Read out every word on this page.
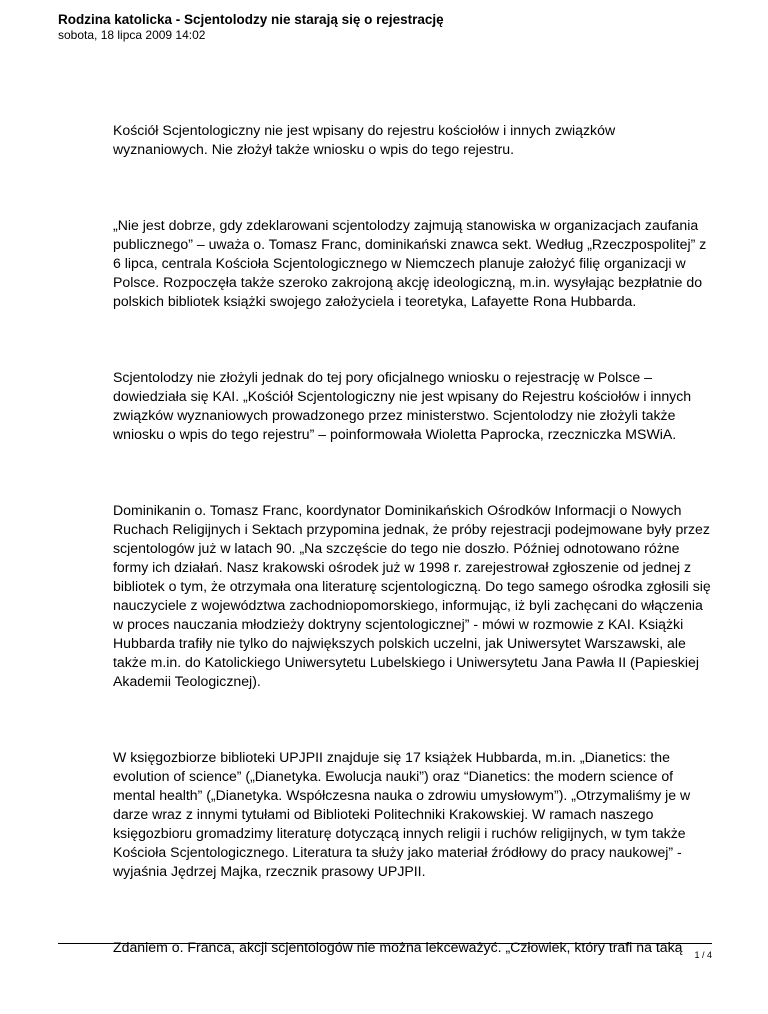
Rodzina katolicka - Scjentolodzy nie starają się o rejestrację
sobota, 18 lipca 2009 14:02

Kościół Scjentologiczny nie jest wpisany do rejestru kościołów i innych związków
wyznaniowych. Nie złożył także wniosku o wpis do tego rejestru.

„Nie jest dobrze, gdy zdeklarowani scjentolodzy zajmują stanowiska w organizacjach zaufania
publicznego” – uważa o. Tomasz Franc, dominikański znawca sekt. Według „Rzeczpospolitej” z
6 lipca, centrala Kościoła Scjentologicznego w Niemczech planuje założyć filię organizacji w
Polsce. Rozpoczęła także szeroko zakrojoną akcję ideologiczną, m.in. wysyłając bezpłatnie do
polskich bibliotek książki swojego założyciela i teoretyka, Lafayette Rona Hubbarda.

Scjentolodzy nie złożyli jednak do tej pory oficjalnego wniosku o rejestrację w Polsce –
dowiedziała się KAI. „Kościół Scjentologiczny nie jest wpisany do Rejestru kościołów i innych
związków wyznaniowych prowadzonego przez ministerstwo. Scjentolodzy nie złożyli także
wniosku o wpis do tego rejestru” – poinformowała Wioletta Paprocka, rzeczniczka MSWiA.

Dominikanin o. Tomasz Franc, koordynator Dominikańskich Ośrodków Informacji o Nowych
Ruchach Religijnych i Sektach przypomina jednak, że próby rejestracji podejmowane były przez
scjentologów już w latach 90. „Na szczęście do tego nie doszło. Później odnotowano różne
formy ich działań. Nasz krakowski ośrodek już w 1998 r. zarejestrował zgłoszenie od jednej z
bibliotek o tym, że otrzymała ona literaturę scjentologiczną. Do tego samego ośrodka zgłosili się
nauczyciele z województwa zachodniopomorskiego, informując, iż byli zachęcani do włączenia
w proces nauczania młodzieży doktryny scjentologicznej” - mówi w rozmowie z KAI. Książki
Hubbarda trafiły nie tylko do największych polskich uczelni, jak Uniwersytet Warszawski, ale
także m.in. do Katolickiego Uniwersytetu Lubelskiego i Uniwersytetu Jana Pawła II (Papieskiej
Akademii Teologicznej).

W księgozbiorze biblioteki UPJPII znajduje się 17 książek Hubbarda, m.in. „Dianetics: the
evolution of science” („Dianetyka. Ewolucja nauki”) oraz “Dianetics: the modern science of
mental health” („Dianetyka. Współczesna nauka o zdrowiu umysłowym”). „Otrzymaliśmy je w
darze wraz z innymi tytułami od Biblioteki Politechniki Krakowskiej. W ramach naszego
księgozbioru gromadzimy literaturę dotyczącą innych religii i ruchów religijnych, w tym także
Kościoła Scjentologicznego. Literatura ta służy jako materiał źródłowy do pracy naukowej” -
wyjaśnia Jędrzej Majka, rzecznik prasowy UPJPII.

Zdaniem o. Franca, akcji scjentologów nie można lekceważyć. „Człowiek, który trafi na taką	1 / 4
